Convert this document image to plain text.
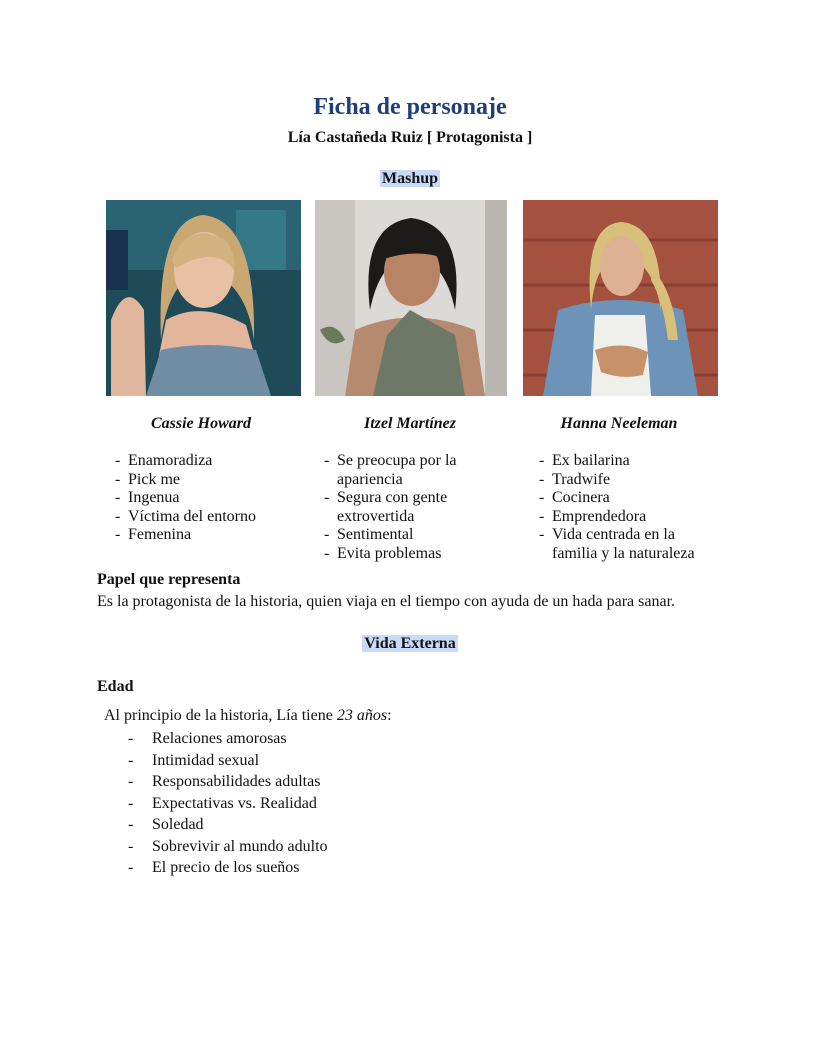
Ficha de personaje
Lía Castañeda Ruiz [ Protagonista ]
Mashup
Cassie Howard	Itzel Martínez	Hanna Neeleman
- Enamoradiza
- Pick me
- Ingenua
- Víctima del entorno
- Femenina
- Se preocupa por la apariencia
- Segura con gente extrovertida
- Sentimental
- Evita problemas
- Ex bailarina
- Tradwife
- Cocinera
- Emprendedora
- Vida centrada en la familia y la naturaleza
Papel que representa
Es la protagonista de la historia, quien viaja en el tiempo con ayuda de un hada para sanar.
Vida Externa
Edad
Al principio de la historia, Lía tiene 23 años:
- Relaciones amorosas
- Intimidad sexual
- Responsabilidades adultas
- Expectativas vs. Realidad
- Soledad
- Sobrevivir al mundo adulto
- El precio de los sueños
